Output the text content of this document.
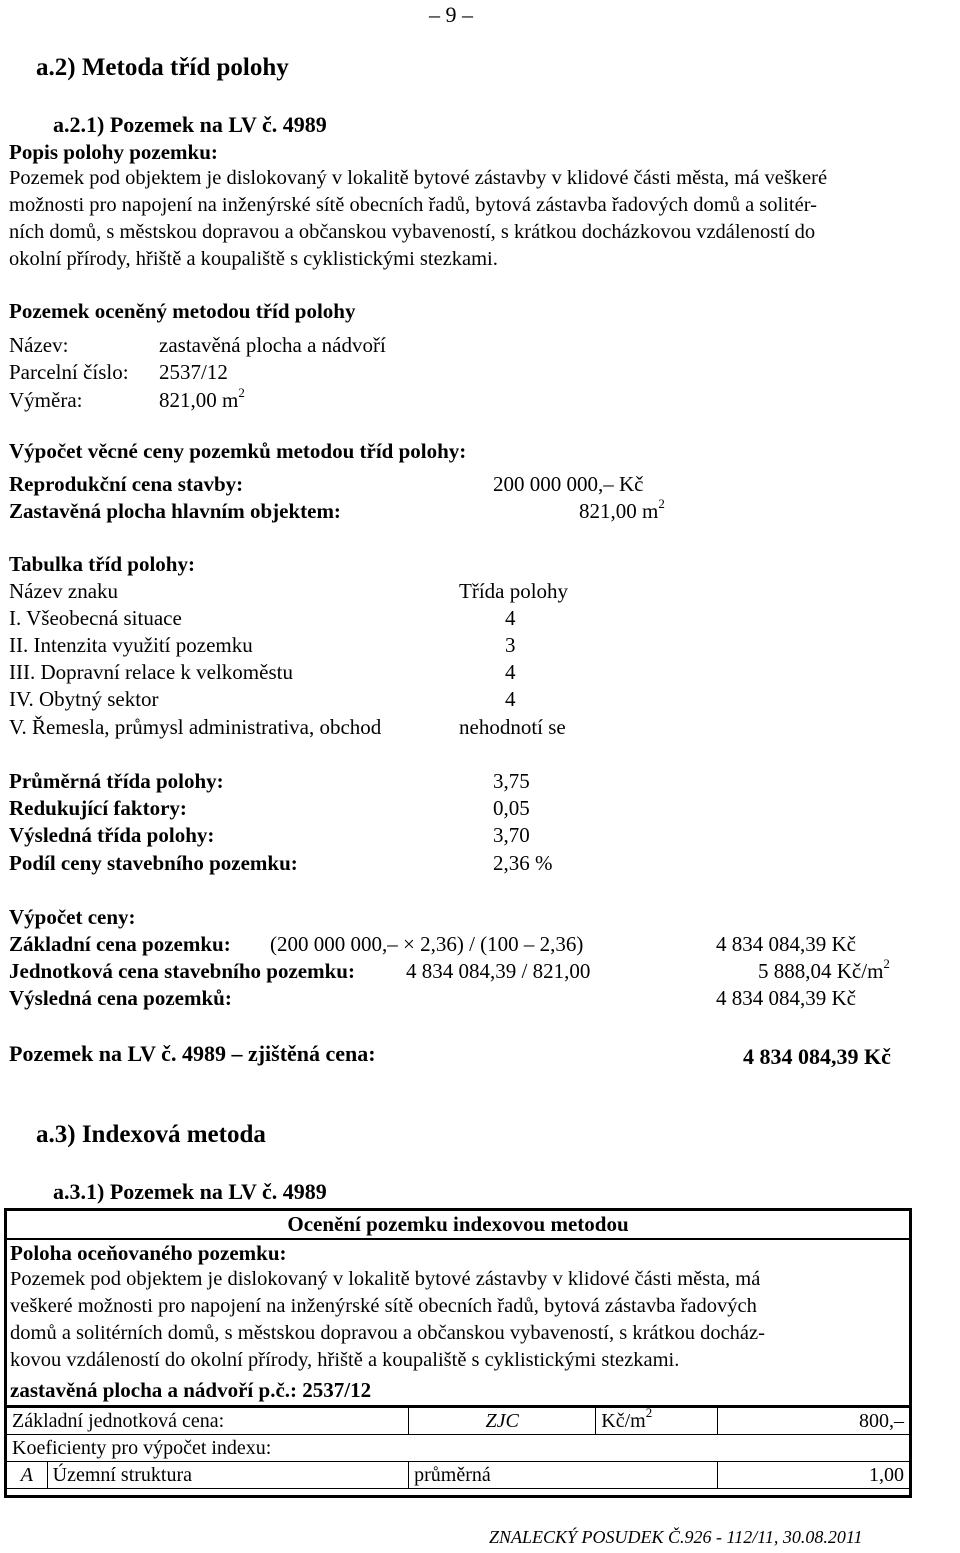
– 9 –
a.2) Metoda tříd polohy
a.2.1) Pozemek na LV č. 4989
Popis polohy pozemku:
Pozemek pod objektem je dislokovaný v lokalitě bytové zástavby v klidové části města, má veškeré
možnosti pro napojení na inženýrské sítě obecních řadů, bytová zástavba řadových domů a solitér-
ních domů, s městskou dopravou a občanskou vybaveností, s krátkou docházkovou vzdáleností do
okolní přírody, hřiště a koupaliště s cyklistickými stezkami.
Pozemek oceněný metodou tříd polohy
Název:	zastavěná plocha a nádvoří
Parcelní číslo: 2537/12
Výměra:	821,00 $m^2$
Výpočet věcné ceny pozemků metodou tříd polohy:
Reprodukční cena stavby:	200 000 000,– Kč
Zastavěná plocha hlavním objektem:	821,00 $m^2$
Tabulka tříd polohy:
Název znaku	Třída polohy
I. Všeobecná situace	4
II. Intenzita využití pozemku	3
III. Dopravní relace k velkoměstu	4
IV. Obytný sektor	4
V. Řemesla, průmysl administrativa, obchod	nehodnotí se
Průměrná třída polohy:	3,75
Redukující faktory:	0,05
Výsledná třída polohy:	3,70
Podíl ceny stavebního pozemku:	2,36 %
Výpočet ceny:
Základní cena pozemku: (200 000 000,– × 2,36) / (100 – 2,36)	4 834 084,39 Kč
Jednotková cena stavebního pozemku: 4 834 084,39 / 821,00	5 888,04 $Kč/m^2$
Výsledná cena pozemků:	4 834 084,39 Kč
Pozemek na LV č. 4989 – zjištěná cena:	4 834 084,39 Kč
a.3) Indexová metoda
a.3.1) Pozemek na LV č. 4989
Ocenění pozemku indexovou metodou
Poloha oceňovaného pozemku:
Pozemek pod objektem je dislokovaný v lokalitě bytové zástavby v klidové části města, má
veškeré možnosti pro napojení na inženýrské sítě obecních řadů, bytová zástavba řadových
domů a solitérních domů, s městskou dopravou a občanskou vybaveností, s krátkou docház-
kovou vzdáleností do okolní přírody, hřiště a koupaliště s cyklistickými stezkami.
zastavěná plocha a nádvoří p.č.: 2537/12
Základní jednotková cena:		ZJC	$Kč/m^2$	800,–
Koeficienty pro výpočet indexu:				
A	Územní struktura	průměrná		1,00
ZNALECKÝ POSUDEK Č.926 - 112/11, 30.08.2011
